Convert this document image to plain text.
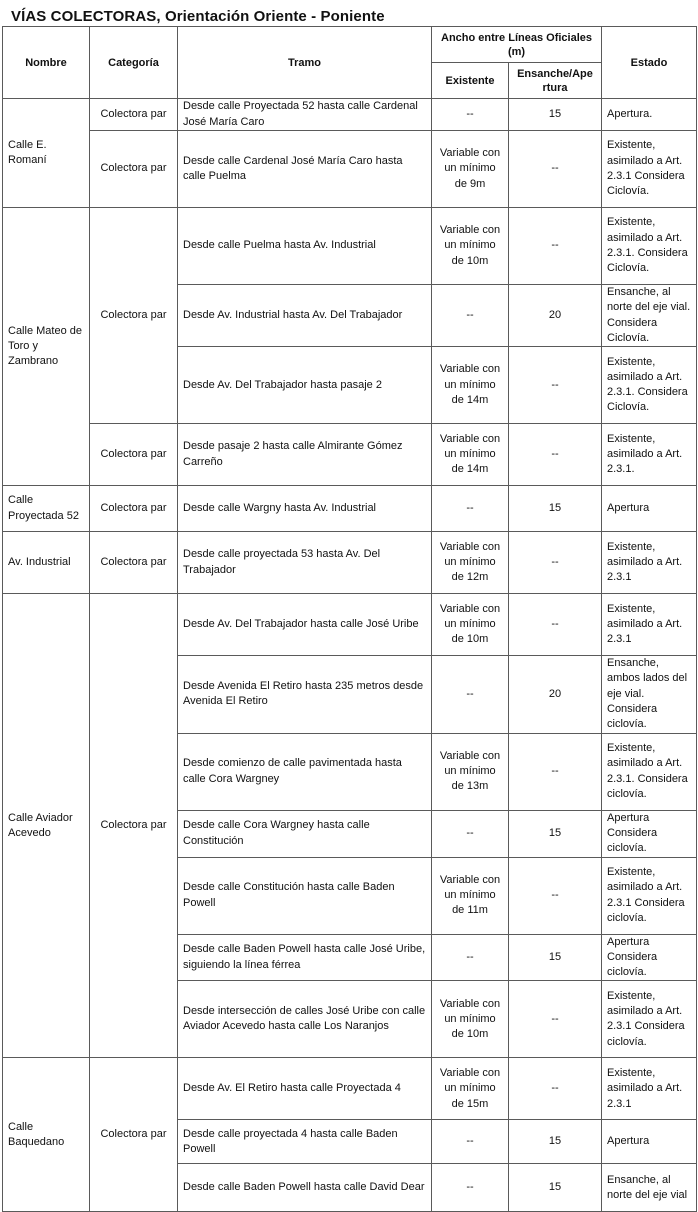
VÍAS COLECTORAS, Orientación Oriente - Poniente
Nombre	Categoría	Tramo	Ancho entre Líneas Oficiales (m)		Estado
			Existente	Ensanche/Ape rtura	
Calle E. Romaní	Colectora par	Desde calle Proyectada 52 hasta calle Cardenal José María Caro	--	15	Apertura.
	Colectora par	Desde calle Cardenal José María Caro hasta calle Puelma	Variable con un mínimo de 9m	--	Existente, asimilado a Art. 2.3.1 Considera Ciclovía.
Calle Mateo de Toro y Zambrano	Colectora par	Desde calle Puelma hasta Av. Industrial	Variable con un mínimo de 10m	--	Existente, asimilado a Art. 2.3.1. Considera Ciclovía.
		Desde Av. Industrial hasta Av. Del Trabajador	--	20	Ensanche, al norte del eje vial. Considera Ciclovía.
		Desde Av. Del Trabajador hasta pasaje 2	Variable con un mínimo de 14m	--	Existente, asimilado a Art. 2.3.1. Considera Ciclovía.
	Colectora par	Desde pasaje 2 hasta calle Almirante Gómez Carreño	Variable con un mínimo de 14m	--	Existente, asimilado a Art. 2.3.1.
Calle Proyectada 52	Colectora par	Desde calle Wargny hasta Av. Industrial	--	15	Apertura
Av. Industrial	Colectora par	Desde calle proyectada 53 hasta Av. Del Trabajador	Variable con un mínimo de 12m	--	Existente, asimilado a Art. 2.3.1
Calle Aviador Acevedo	Colectora par	Desde Av. Del Trabajador hasta calle José Uribe	Variable con un mínimo de 10m	--	Existente, asimilado a Art. 2.3.1
		Desde Avenida El Retiro hasta 235 metros desde Avenida El Retiro	--	20	Ensanche, ambos lados del eje vial. Considera ciclovía.
		Desde comienzo de calle pavimentada hasta calle Cora Wargney	Variable con un mínimo de 13m	--	Existente, asimilado a Art. 2.3.1. Considera ciclovía.
		Desde calle Cora Wargney hasta calle Constitución	--	15	Apertura Considera ciclovía.
		Desde calle Constitución hasta calle Baden Powell	Variable con un mínimo de 11m	--	Existente, asimilado a Art. 2.3.1 Considera ciclovía.
		Desde calle Baden Powell hasta calle José Uribe, siguiendo la línea férrea	--	15	Apertura Considera ciclovía.
		Desde intersección de calles José Uribe con calle Aviador Acevedo hasta calle Los Naranjos	Variable con un mínimo de 10m	--	Existente, asimilado a Art. 2.3.1 Considera ciclovía.
Calle Baquedano	Colectora par	Desde Av. El Retiro hasta calle Proyectada 4	Variable con un mínimo de 15m	--	Existente, asimilado a Art. 2.3.1
		Desde calle proyectada 4 hasta calle Baden Powell	--	15	Apertura
		Desde calle Baden Powell hasta calle David Dear	--	15	Ensanche, al norte del eje vial
